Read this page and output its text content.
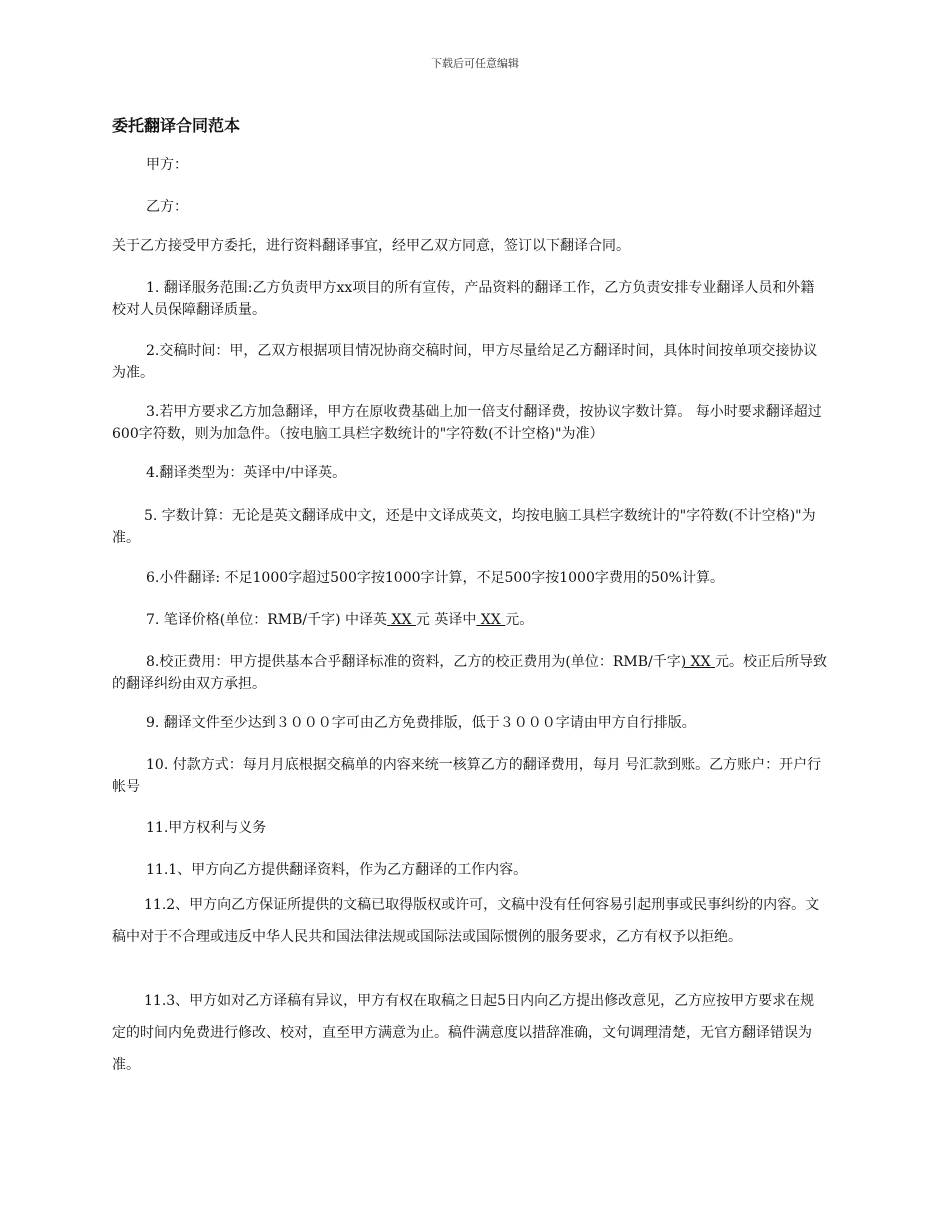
下载后可任意编辑
委托翻译合同范本

甲方：

乙方：

关于乙方接受甲方委托，进行资料翻译事宜，经甲乙双方同意，签订以下翻译合同。

1. 翻译服务范围:乙方负责甲方xx项目的所有宣传，产品资料的翻译工作，乙方负责安排专业翻译人员和外籍校对人员保障翻译质量。

2.交稿时间：甲，乙双方根据项目情况协商交稿时间，甲方尽量给足乙方翻译时间，具体时间按单项交接协议为准。

3.若甲方要求乙方加急翻译，甲方在原收费基础上加一倍支付翻译费，按协议字数计算。 每小时要求翻译超过600字符数，则为加急件。（按电脑工具栏字数统计的"字符数(不计空格)"为准）

4.翻译类型为：英译中/中译英。

5. 字数计算：无论是英文翻译成中文，还是中文译成英文，均按电脑工具栏字数统计的"字符数(不计空格)"为准。

6.小件翻译: 不足1000字超过500字按1000字计算，不足500字按1000字费用的50%计算。

7. 笔译价格(单位：RMB/千字) 中译英 XX 元 英译中 XX 元。

8.校正费用：甲方提供基本合乎翻译标准的资料，乙方的校正费用为(单位：RMB/千字) XX 元。校正后所导致的翻译纠纷由双方承担。

9. 翻译文件至少达到３０００字可由乙方免费排版，低于３０００字请由甲方自行排版。

10. 付款方式：每月月底根据交稿单的内容来统一核算乙方的翻译费用，每月 号汇款到账。乙方账户：开户行 帐号

11.甲方权利与义务

11.1、甲方向乙方提供翻译资料，作为乙方翻译的工作内容。

11.2、甲方向乙方保证所提供的文稿已取得版权或许可，文稿中没有任何容易引起刑事或民事纠纷的内容。文稿中对于不合理或违反中华人民共和国法律法规或国际法或国际惯例的服务要求，乙方有权予以拒绝。

11.3、甲方如对乙方译稿有异议，甲方有权在取稿之日起5日内向乙方提出修改意见，乙方应按甲方要求在规定的时间内免费进行修改、校对，直至甲方满意为止。稿件满意度以措辞准确，文句调理清楚，无官方翻译错误为准。
